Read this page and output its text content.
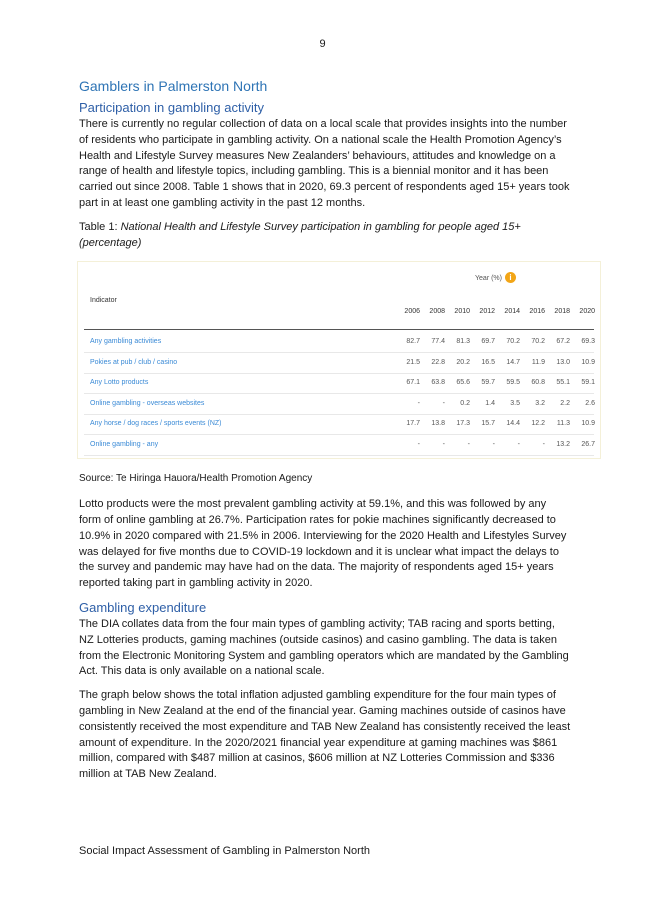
9
Gamblers in Palmerston North
Participation in gambling activity

There is currently no regular collection of data on a local scale that provides insights into the number of residents who participate in gambling activity. On a national scale the Health Promotion Agency’s Health and Lifestyle Survey measures New Zealanders’ behaviours, attitudes and knowledge on a range of health and lifestyle topics, including gambling. This is a biennial monitor and it has been carried out since 2008. Table 1 shows that in 2020, 69.3 percent of respondents aged 15+ years took part in at least one gambling activity in the past 12 months.

Table 1: National Health and Lifestyle Survey participation in gambling for people aged 15+ (percentage)
Year (%) i
Indicator
2006	2008	2010	2012	2014	2016	2018	2020
Any gambling activities	82.7	77.4	81.3	69.7	70.2	70.2	67.2	69.3
Pokies at pub / club / casino	21.5	22.8	20.2	16.5	14.7	11.9	13.0	10.9
Any Lotto products	67.1	63.8	65.6	59.7	59.5	60.8	55.1	59.1
Online gambling - overseas websites	-	-	0.2	1.4	3.5	3.2	2.2	2.6
Any horse / dog races / sports events (NZ)	17.7	13.8	17.3	15.7	14.4	12.2	11.3	10.9
Online gambling - any	-	-	-	-	-	-	13.2	26.7

Source: Te Hiringa Hauora/Health Promotion Agency

Lotto products were the most prevalent gambling activity at 59.1%, and this was followed by any form of online gambling at 26.7%. Participation rates for pokie machines significantly decreased to 10.9% in 2020 compared with 21.5% in 2006. Interviewing for the 2020 Health and Lifestyles Survey was delayed for five months due to COVID-19 lockdown and it is unclear what impact the delays to the survey and pandemic may have had on the data. The majority of respondents aged 15+ years reported taking part in gambling activity in 2020.

Gambling expenditure

The DIA collates data from the four main types of gambling activity; TAB racing and sports betting, NZ Lotteries products, gaming machines (outside casinos) and casino gambling. The data is taken from the Electronic Monitoring System and gambling operators which are mandated by the Gambling Act. This data is only available on a national scale.

The graph below shows the total inflation adjusted gambling expenditure for the four main types of gambling in New Zealand at the end of the financial year. Gaming machines outside of casinos have consistently received the most expenditure and TAB New Zealand has consistently received the least amount of expenditure. In the 2020/2021 financial year expenditure at gaming machines was $861 million, compared with $487 million at casinos, $606 million at NZ Lotteries Commission and $336 million at TAB New Zealand.

Social Impact Assessment of Gambling in Palmerston North
